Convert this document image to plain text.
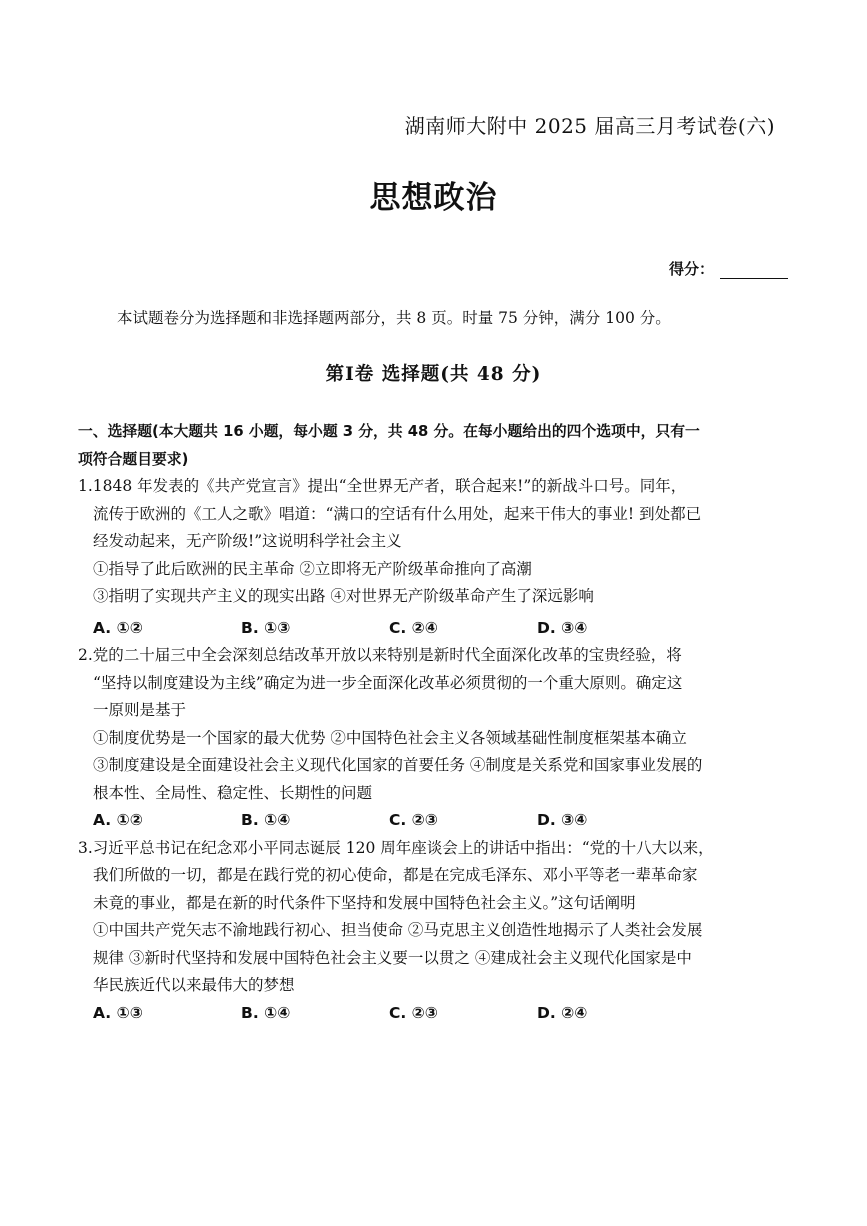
湖南师大附中 2025 届高三月考试卷(六)
思想政治
得分：
本试题卷分为选择题和非选择题两部分，共 8 页。时量 75 分钟，满分 100 分。
第Ⅰ卷 选择题(共 48 分)
一、选择题(本大题共 16 小题，每小题 3 分，共 48 分。在每小题给出的四个选项中，只有一
项符合题目要求)
1.1848 年发表的《共产党宣言》提出“全世界无产者，联合起来!”的新战斗口号。同年，
流传于欧洲的《工人之歌》唱道：“满口的空话有什么用处，起来干伟大的事业! 到处都已
经发动起来，无产阶级!”这说明科学社会主义
①指导了此后欧洲的民主革命 ②立即将无产阶级革命推向了高潮
③指明了实现共产主义的现实出路 ④对世界无产阶级革命产生了深远影响
A. ①②	B. ①③	C. ②④	D. ③④
2.党的二十届三中全会深刻总结改革开放以来特别是新时代全面深化改革的宝贵经验，将
“坚持以制度建设为主线”确定为进一步全面深化改革必须贯彻的一个重大原则。确定这
一原则是基于
①制度优势是一个国家的最大优势 ②中国特色社会主义各领域基础性制度框架基本确立
③制度建设是全面建设社会主义现代化国家的首要任务 ④制度是关系党和国家事业发展的
根本性、全局性、稳定性、长期性的问题
A. ①②	B. ①④	C. ②③	D. ③④
3.习近平总书记在纪念邓小平同志诞辰 120 周年座谈会上的讲话中指出：“党的十八大以来，
我们所做的一切，都是在践行党的初心使命，都是在完成毛泽东、邓小平等老一辈革命家
未竟的事业，都是在新的时代条件下坚持和发展中国特色社会主义。”这句话阐明
①中国共产党矢志不渝地践行初心、担当使命 ②马克思主义创造性地揭示了人类社会发展
规律 ③新时代坚持和发展中国特色社会主义要一以贯之 ④建成社会主义现代化国家是中
华民族近代以来最伟大的梦想
A. ①③	B. ①④	C. ②③	D. ②④
